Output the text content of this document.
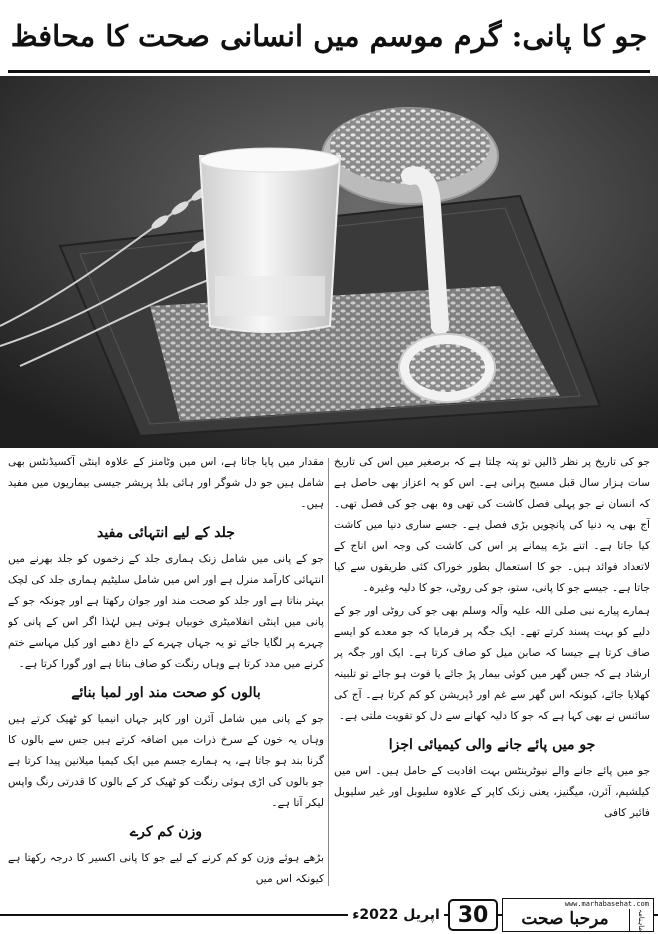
جو کا پانی: گرم موسم میں انسانی صحت کا محافظ

جو کی تاریخ پر نظر ڈالیں تو پتہ چلتا ہے کہ برصغیر میں اس کی تاریخ سات ہزار سال قبل مسیح پرانی ہے۔ اس کو یہ اعزاز بھی حاصل ہے کہ انسان نے جو پہلی فصل کاشت کی تھی وہ بھی جو کی فصل تھی۔ آج بھی یہ دنیا کی پانچویں بڑی فصل ہے۔ جسے ساری دنیا میں کاشت کیا جاتا ہے۔ اتنے بڑے پیمانے پر اس کی کاشت کی وجہ اس اناج کے لاتعداد فوائد ہیں۔ جو کا استعمال بطور خوراک کئی طریقوں سے کیا جاتا ہے۔ جیسے جو کا پانی، ستو، جو کی روٹی، جو کا دلیہ وغیرہ۔

ہمارے پیارے نبی صلی اللہ علیہ وآلہ وسلم بھی جو کی روٹی اور جو کے دلیے کو بہت پسند کرتے تھے۔ ایک جگہ پر فرمایا کہ جو معدے کو ایسے صاف کرتا ہے جیسا کہ صابن میل کو صاف کرتا ہے۔ ایک اور جگہ پر ارشاد ہے کہ جس گھر میں کوئی بیمار پڑ جائے یا فوت ہو جائے تو تلبینہ کھلایا جائے، کیونکہ اس گھر سے غم اور ڈپریشن کو کم کرتا ہے۔ آج کی سائنس نے بھی کہا ہے کہ جو کا دلیہ کھانے سے دل کو تقویت ملتی ہے۔

جو میں پائے جانے والی کیمیائی اجزا

جو میں پائے جانے والے نیوٹرینٹس بہت افادیت کے حامل ہیں۔ اس میں کیلشیم، آئرن، میگنیز، یعنی زنک کاپر کے علاوہ سلیوبل اور غیر سلیوبل فائبر کافی

مقدار میں پایا جاتا ہے، اس میں وٹامنز کے علاوہ اینٹی آکسیڈنٹس بھی شامل ہیں جو دل شوگر اور ہائی بلڈ پریشر جیسی بیماریوں میں مفید ہیں۔

جلد کے لیے انتہائی مفید

جو کے پانی میں شامل زنک ہماری جلد کے زخموں کو جلد بھرنے میں انتہائی کارآمد منرل ہے اور اس میں شامل سلیٹیم ہماری جلد کی لچک بہتر بناتا ہے اور جلد کو صحت مند اور جوان رکھتا ہے اور چونکہ جو کے پانی میں اینٹی انفلامیٹری خوبیاں ہوتی ہیں لہٰذا اگر اس کے پانی کو چہرے پر لگایا جائے تو یہ جہاں چہرے کے داغ دھبے اور کیل مہاسے ختم کرنے میں مدد کرتا ہے وہاں رنگت کو صاف بناتا ہے اور گورا کرتا ہے۔

بالوں کو صحت مند اور لمبا بنائے

جو کے پانی میں شامل آئرن اور کاپر جہاں انیمیا کو ٹھیک کرتے ہیں وہاں یہ خون کے سرخ ذرات میں اضافہ کرتے ہیں جس سے بالوں کا گرنا بند ہو جاتا ہے، یہ ہمارے جسم میں ایک کیمیا میلانین پیدا کرتا ہے جو بالوں کی اڑی ہوئی رنگت کو ٹھیک کر کے بالوں کا قدرتی رنگ واپس لیکر آتا ہے۔

وزن کم کرے

بڑھے ہوئے وزن کو کم کرنے کے لیے جو کا پانی اکسیر کا درجہ رکھتا ہے کیونکہ اس میں

اپریل 2022ء 30	www.marhabasehat.com
مرحبا صحت	ماہنامہ
